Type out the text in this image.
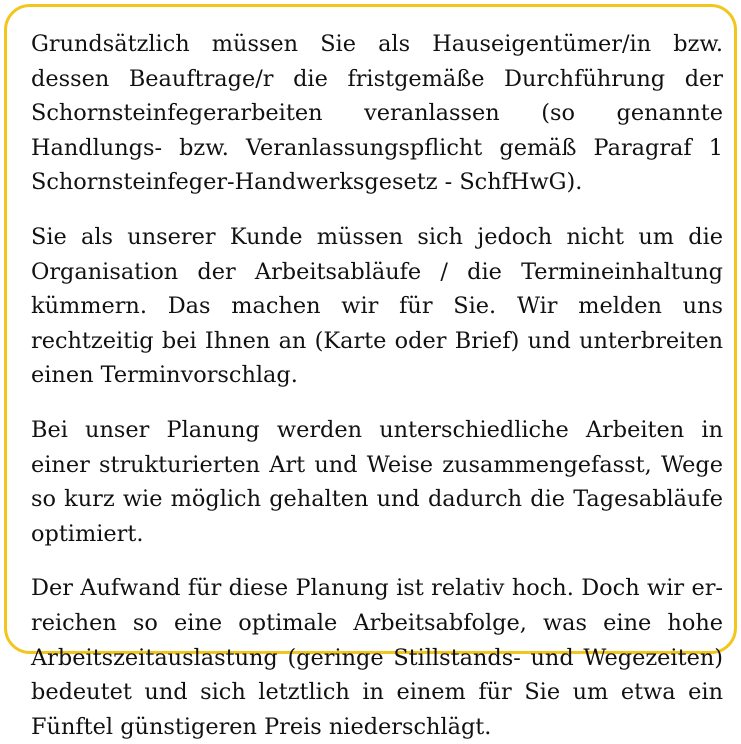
Grundsätzlich müssen Sie als Hauseigentümer/in bzw. dessen Beauftrage/r die fristgemäße Durchführung der Schornsteinfegerarbeiten veranlassen (so genannte Handlungs- bzw. Veranlassungspflicht gemäß Paragraf 1 Schornsteinfeger-Handwerksgesetz - SchfHwG).

Sie als unserer Kunde müssen sich jedoch nicht um die Organisation der Arbeitsabläufe / die Termineinhaltung kümmern. Das machen wir für Sie. Wir melden uns rechtzeitig bei Ihnen an (Karte oder Brief) und unterbreiten einen Terminvorschlag.

Bei unser Planung werden unterschiedliche Arbeiten in einer strukturierten Art und Weise zusammengefasst, Wege so kurz wie möglich gehalten und dadurch die Tagesabläufe optimiert.

Der Aufwand für diese Planung ist relativ hoch. Doch wir erreichen so eine optimale Arbeitsabfolge, was eine hohe Arbeitszeitauslastung (geringe Stillstands- und Wegezeiten) bedeutet und sich letztlich in einem für Sie um etwa ein Fünftel günstigeren Preis niederschlägt.
